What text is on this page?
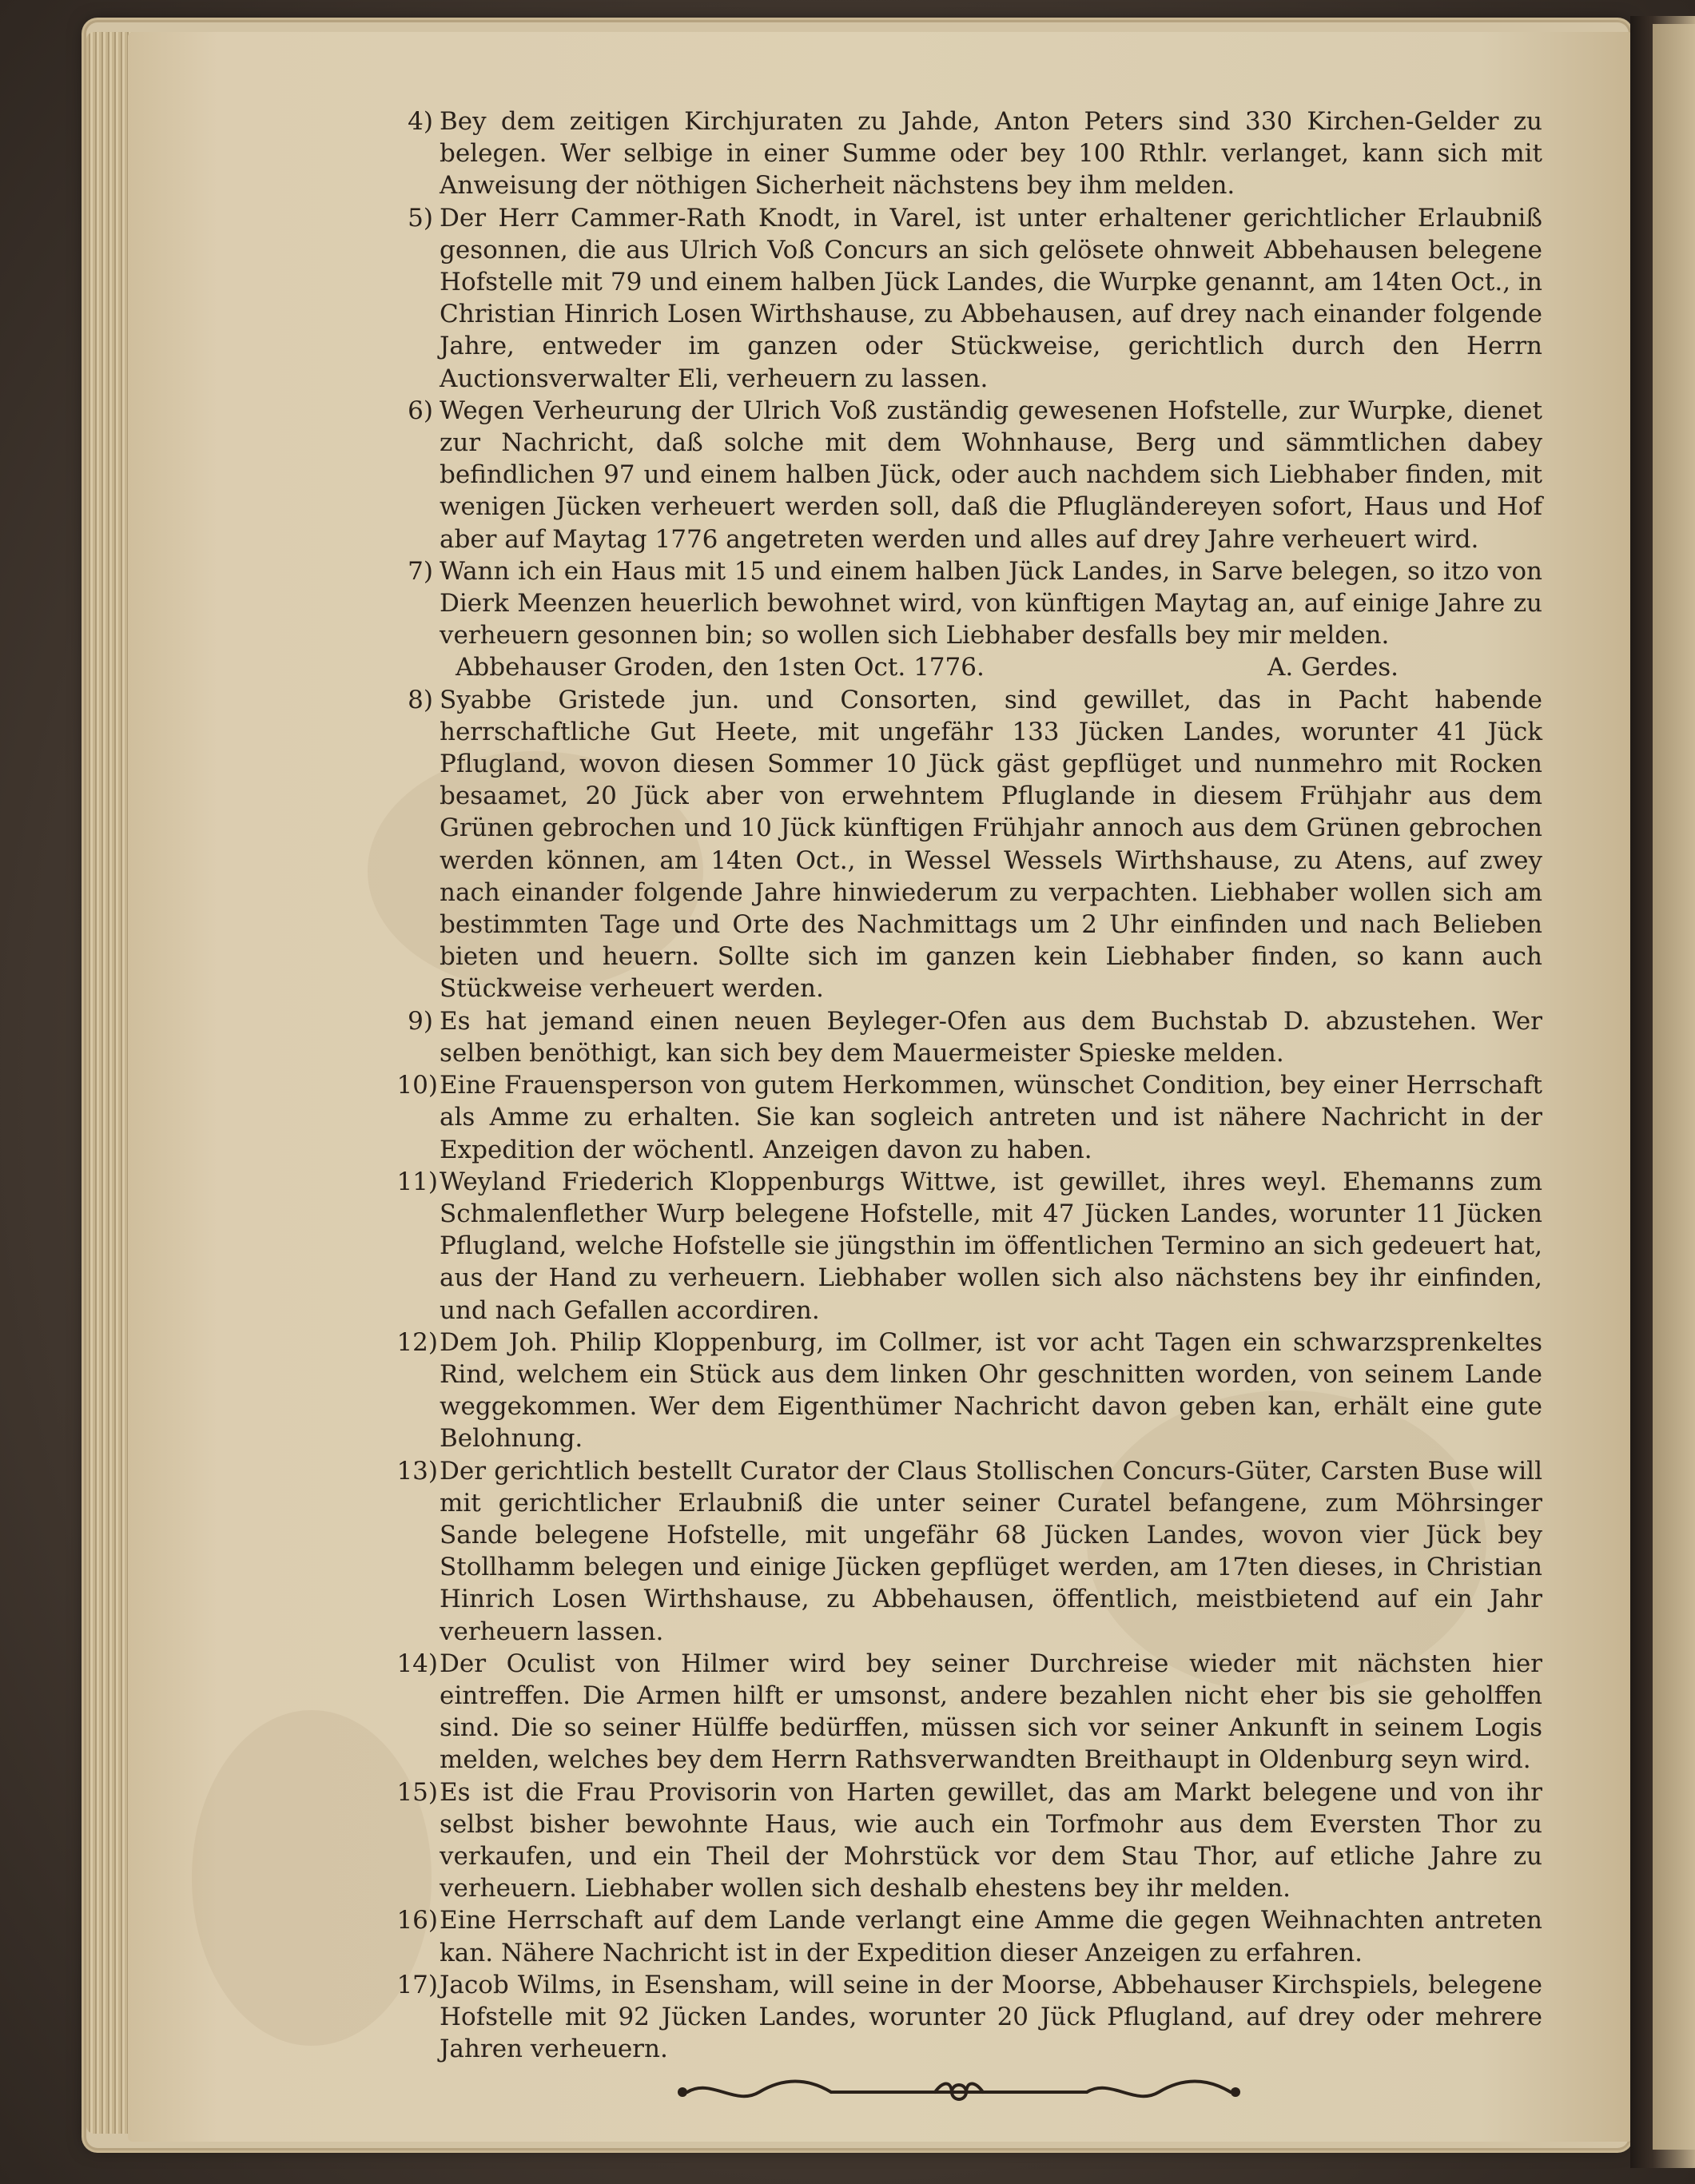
4) Bey dem zeitigen Kirchjuraten zu Jahde, Anton Peters sind 330 Kirchen-Gelder zu belegen. Wer selbige in einer Summe oder bey 100 Rthlr. verlanget, kann sich mit Anweisung der nöthigen Sicherheit nächstens bey ihm melden.
5) Der Herr Cammer-Rath Knodt, in Varel, ist unter erhaltener gerichtlicher Erlaubniß gesonnen, die aus Ulrich Voß Concurs an sich gelösete ohnweit Abbehausen belegene Hofstelle mit 79 und einem halben Jück Landes, die Wurpke genannt, am 14ten Oct., in Christian Hinrich Losen Wirthshause, zu Abbehausen, auf drey nach einander folgende Jahre, entweder im ganzen oder Stückweise, gerichtlich durch den Herrn Auctionsverwalter Eli, verheuern zu lassen.
6) Wegen Verheurung der Ulrich Voß zuständig gewesenen Hofstelle, zur Wurpke, dienet zur Nachricht, daß solche mit dem Wohnhause, Berg und sämmtlichen dabey befindlichen 97 und einem halben Jück, oder auch nachdem sich Liebhaber finden, mit wenigen Jücken verheuert werden soll, daß die Pflugländereyen sofort, Haus und Hof aber auf Maytag 1776 angetreten werden und alles auf drey Jahre verheuert wird.
7) Wann ich ein Haus mit 15 und einem halben Jück Landes, in Sarve belegen, so itzo von Dierk Meenzen heuerlich bewohnet wird, von künftigen Maytag an, auf einige Jahre zu verheuern gesonnen bin; so wollen sich Liebhaber desfalls bey mir melden.
Abbehauser Groden, den 1sten Oct. 1776.	A. Gerdes.
8) Syabbe Gristede jun. und Consorten, sind gewillet, das in Pacht habende herrschaftliche Gut Heete, mit ungefähr 133 Jücken Landes, worunter 41 Jück Pflugland, wovon diesen Sommer 10 Jück gäst gepflüget und nunmehro mit Rocken besaamet, 20 Jück aber von erwehntem Pfluglande in diesem Frühjahr aus dem Grünen gebrochen und 10 Jück künftigen Frühjahr annoch aus dem Grünen gebrochen werden können, am 14ten Oct., in Wessel Wessels Wirthshause, zu Atens, auf zwey nach einander folgende Jahre hinwiederum zu verpachten. Liebhaber wollen sich am bestimmten Tage und Orte des Nachmittags um 2 Uhr einfinden und nach Belieben bieten und heuern. Sollte sich im ganzen kein Liebhaber finden, so kann auch Stückweise verheuert werden.
9) Es hat jemand einen neuen Beyleger-Ofen aus dem Buchstab D. abzustehen. Wer selben benöthigt, kan sich bey dem Mauermeister Spieske melden.
10) Eine Frauensperson von gutem Herkommen, wünschet Condition, bey einer Herrschaft als Amme zu erhalten. Sie kan sogleich antreten und ist nähere Nachricht in der Expedition der wöchentl. Anzeigen davon zu haben.
11) Weyland Friederich Kloppenburgs Wittwe, ist gewillet, ihres weyl. Ehemanns zum Schmalenflether Wurp belegene Hofstelle, mit 47 Jücken Landes, worunter 11 Jücken Pflugland, welche Hofstelle sie jüngsthin im öffentlichen Termino an sich gedeuert hat, aus der Hand zu verheuern. Liebhaber wollen sich also nächstens bey ihr einfinden, und nach Gefallen accordiren.
12) Dem Joh. Philip Kloppenburg, im Collmer, ist vor acht Tagen ein schwarzsprenkeltes Rind, welchem ein Stück aus dem linken Ohr geschnitten worden, von seinem Lande weggekommen. Wer dem Eigenthümer Nachricht davon geben kan, erhält eine gute Belohnung.
13) Der gerichtlich bestellt Curator der Claus Stollischen Concurs-Güter, Carsten Buse will mit gerichtlicher Erlaubniß die unter seiner Curatel befangene, zum Möhrsinger Sande belegene Hofstelle, mit ungefähr 68 Jücken Landes, wovon vier Jück bey Stollhamm belegen und einige Jücken gepflüget werden, am 17ten dieses, in Christian Hinrich Losen Wirthshause, zu Abbehausen, öffentlich, meistbietend auf ein Jahr verheuern lassen.
14) Der Oculist von Hilmer wird bey seiner Durchreise wieder mit nächsten hier eintreffen. Die Armen hilft er umsonst, andere bezahlen nicht eher bis sie geholffen sind. Die so seiner Hülffe bedürffen, müssen sich vor seiner Ankunft in seinem Logis melden, welches bey dem Herrn Rathsverwandten Breithaupt in Oldenburg seyn wird.
15) Es ist die Frau Provisorin von Harten gewillet, das am Markt belegene und von ihr selbst bisher bewohnte Haus, wie auch ein Torfmohr aus dem Eversten Thor zu verkaufen, und ein Theil der Mohrstück vor dem Stau Thor, auf etliche Jahre zu verheuern. Liebhaber wollen sich deshalb ehestens bey ihr melden.
16) Eine Herrschaft auf dem Lande verlangt eine Amme die gegen Weihnachten antreten kan. Nähere Nachricht ist in der Expedition dieser Anzeigen zu erfahren.
17) Jacob Wilms, in Esensham, will seine in der Moorse, Abbehauser Kirchspiels, belegene Hofstelle mit 92 Jücken Landes, worunter 20 Jück Pflugland, auf drey oder mehrere Jahren verheuern.
